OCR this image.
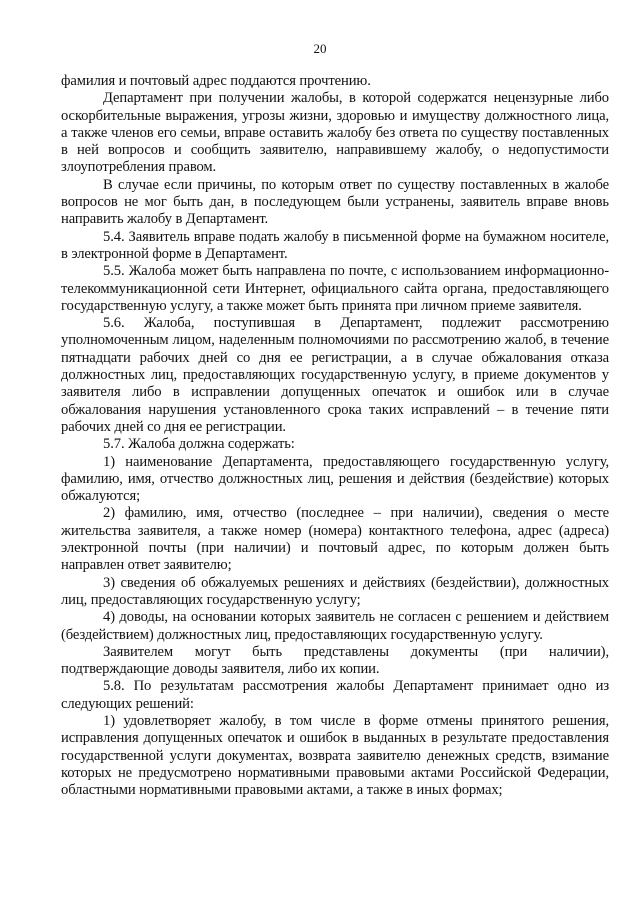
20

фамилия и почтовый адрес поддаются прочтению.

Департамент при получении жалобы, в которой содержатся нецензурные либо оскорбительные выражения, угрозы жизни, здоровью и имуществу должностного лица, а также членов его семьи, вправе оставить жалобу без ответа по существу поставленных в ней вопросов и сообщить заявителю, направившему жалобу, о недопустимости злоупотребления правом.

В случае если причины, по которым ответ по существу поставленных в жалобе вопросов не мог быть дан, в последующем были устранены, заявитель вправе вновь направить жалобу в Департамент.

5.4. Заявитель вправе подать жалобу в письменной форме на бумажном носителе, в электронной форме в Департамент.

5.5. Жалоба может быть направлена по почте, с использованием информационно-телекоммуникационной сети Интернет, официального сайта органа, предоставляющего государственную услугу, а также может быть принята при личном приеме заявителя.

5.6. Жалоба, поступившая в Департамент, подлежит рассмотрению уполномоченным лицом, наделенным полномочиями по рассмотрению жалоб, в течение пятнадцати рабочих дней со дня ее регистрации, а в случае обжалования отказа должностных лиц, предоставляющих государственную услугу, в приеме документов у заявителя либо в исправлении допущенных опечаток и ошибок или в случае обжалования нарушения установленного срока таких исправлений – в течение пяти рабочих дней со дня ее регистрации.

5.7. Жалоба должна содержать:

1) наименование Департамента, предоставляющего государственную услугу, фамилию, имя, отчество должностных лиц, решения и действия (бездействие) которых обжалуются;

2) фамилию, имя, отчество (последнее – при наличии), сведения о месте жительства заявителя, а также номер (номера) контактного телефона, адрес (адреса) электронной почты (при наличии) и почтовый адрес, по которым должен быть направлен ответ заявителю;

3) сведения об обжалуемых решениях и действиях (бездействии), должностных лиц, предоставляющих государственную услугу;

4) доводы, на основании которых заявитель не согласен с решением и действием (бездействием) должностных лиц, предоставляющих государственную услугу.

Заявителем могут быть представлены документы (при наличии), подтверждающие доводы заявителя, либо их копии.

5.8. По результатам рассмотрения жалобы Департамент принимает одно из следующих решений:

1) удовлетворяет жалобу, в том числе в форме отмены принятого решения, исправления допущенных опечаток и ошибок в выданных в результате предоставления государственной услуги документах, возврата заявителю денежных средств, взимание которых не предусмотрено нормативными правовыми актами Российской Федерации, областными нормативными правовыми актами, а также в иных формах;
